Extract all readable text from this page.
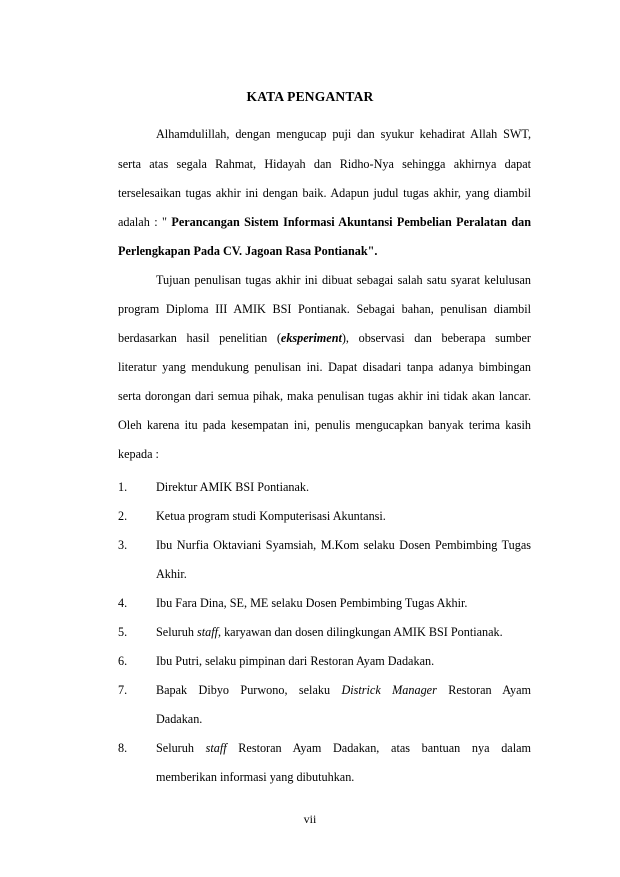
KATA PENGANTAR
Alhamdulillah, dengan mengucap puji dan syukur kehadirat Allah SWT,
serta atas segala Rahmat, Hidayah dan Ridho-Nya sehingga akhirnya dapat
terselesaikan tugas akhir ini dengan baik. Adapun judul tugas akhir, yang diambil
adalah : " Perancangan Sistem Informasi Akuntansi Pembelian Peralatan dan
Perlengkapan Pada CV. Jagoan Rasa Pontianak".
Tujuan penulisan tugas akhir ini dibuat sebagai salah satu syarat kelulusan
program Diploma III AMIK BSI Pontianak. Sebagai bahan, penulisan diambil
berdasarkan hasil penelitian (eksperiment), observasi dan beberapa sumber
literatur yang mendukung penulisan ini. Dapat disadari tanpa adanya bimbingan
serta dorongan dari semua pihak, maka penulisan tugas akhir ini tidak akan lancar.
Oleh karena itu pada kesempatan ini, penulis mengucapkan banyak terima kasih
kepada :
1. Direktur AMIK BSI Pontianak.
2. Ketua program studi Komputerisasi Akuntansi.
3. Ibu Nurfia Oktaviani Syamsiah, M.Kom selaku Dosen Pembimbing Tugas
Akhir.
4. Ibu Fara Dina, SE, ME selaku Dosen Pembimbing Tugas Akhir.
5. Seluruh staff, karyawan dan dosen dilingkungan AMIK BSI Pontianak.
6. Ibu Putri, selaku pimpinan dari Restoran Ayam Dadakan.
7. Bapak Dibyo Purwono, selaku Districk Manager Restoran Ayam
Dadakan.
8. Seluruh staff Restoran Ayam Dadakan, atas bantuan nya dalam
memberikan informasi yang dibutuhkan.
vii
